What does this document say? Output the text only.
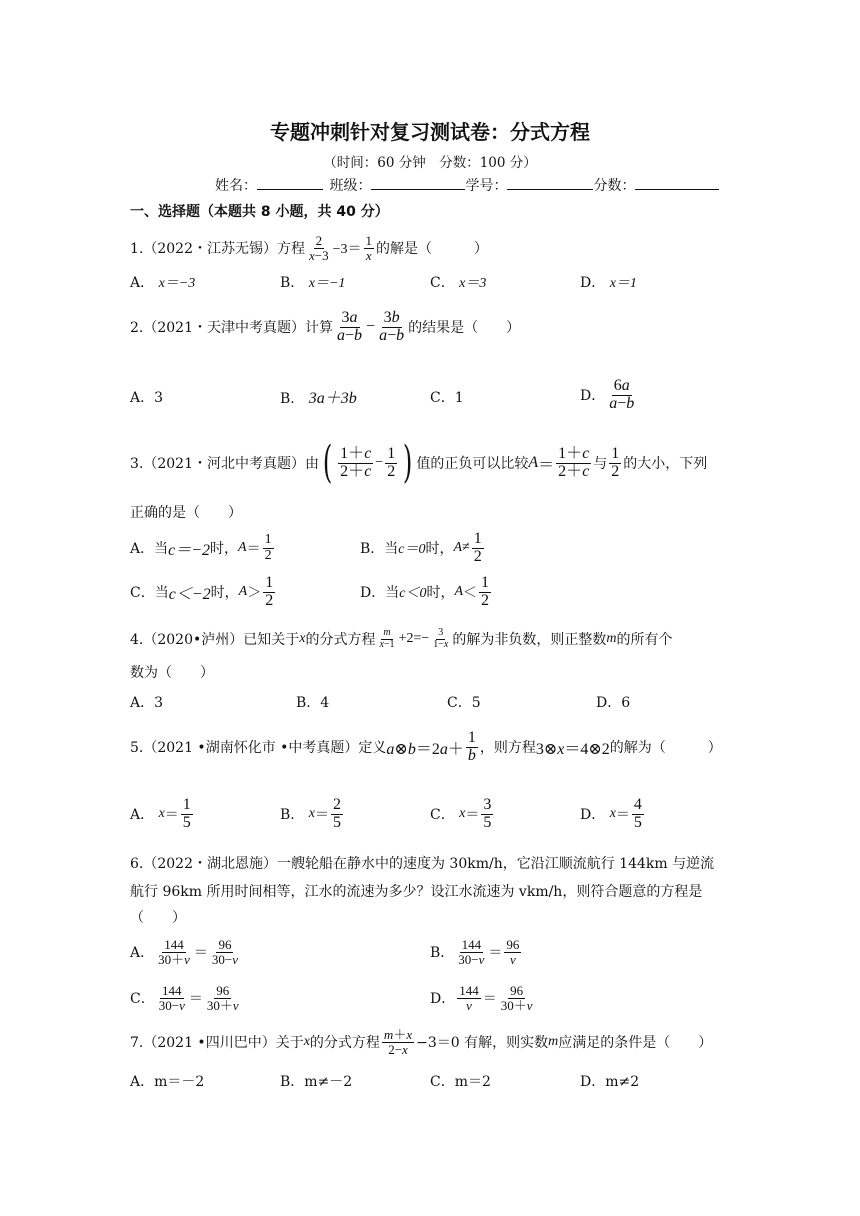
专题冲刺针对复习测试卷：分式方程
（时间：60 分钟　分数：100 分）
姓名：	班级：	学号：	分数：
一、选择题（本题共 8 小题，共 40 分）
1.（2022・江苏无锡）方程 $\frac{2}{x-3} -3= \frac{1}{x}$ 的解是（　　　）
A． x＝−3	B． x＝−1	C． x＝3	D． x＝1
2.（2021・天津中考真题）计算 $\frac{3a}{a-b} - \frac{3b}{a-b}$ 的结果是（　　）
A．3	B． 3a＋3b	C．1	D． $\frac{6a}{a-b}$
3.（2021・河北中考真题）由 ( $\frac{1+c}{2+c} - \frac{1}{2}$ ) 值的正负可以比较 $A = \frac{1+c}{2+c}$ 与 $\frac{1}{2}$ 的大小，下列
正确的是（　　）
A．当 c＝−2 时， $A = \frac{1}{2}$	B．当 c＝0 时， $A \ne \frac{1}{2}$
C．当 c＜−2 时， $A > \frac{1}{2}$	D．当 c＜0 时， $A < \frac{1}{2}$
4.（2020•泸州）已知关于 x 的分式方程 $\frac{m}{x-1} +2=- \frac{3}{1-x}$ 的解为非负数，则正整数 m 的所有个
数为（　　）
A．3	B．4	C．5	D．6
5.（2021 •湖南怀化市 •中考真题）定义 a⊗b＝2a＋ $\frac{1}{b}$ ，则方程 3⊗x＝4⊗2 的解为（　　　）
A．
$x = \frac{1}{5}$	B．
$x = \frac{2}{5}$	C．
$x = \frac{3}{5}$	D．
$x = \frac{4}{5}$
6.（2022・湖北恩施）一艘轮船在静水中的速度为 30km/h，它沿江顺流航行 144km 与逆流
航行 96km 所用时间相等，江水的流速为多少？设江水流速为 vkm/h，则符合题意的方程是
（　　）
A． $\frac{144}{30+v} = \frac{96}{30-v}$	B． $\frac{144}{30-v} = \frac{96}{v}$
C． $\frac{144}{30-v} = \frac{96}{30+v}$	D． $\frac{144}{v} = \frac{96}{30+v}$
7.（2021 •四川巴中）关于 x 的分式方程 $\frac{m+x}{2-x} -3=0$ 有解，则实数 m 应满足的条件是（　　）
A．m＝－2	B．m≠－2	C．m＝2	D．m≠2
